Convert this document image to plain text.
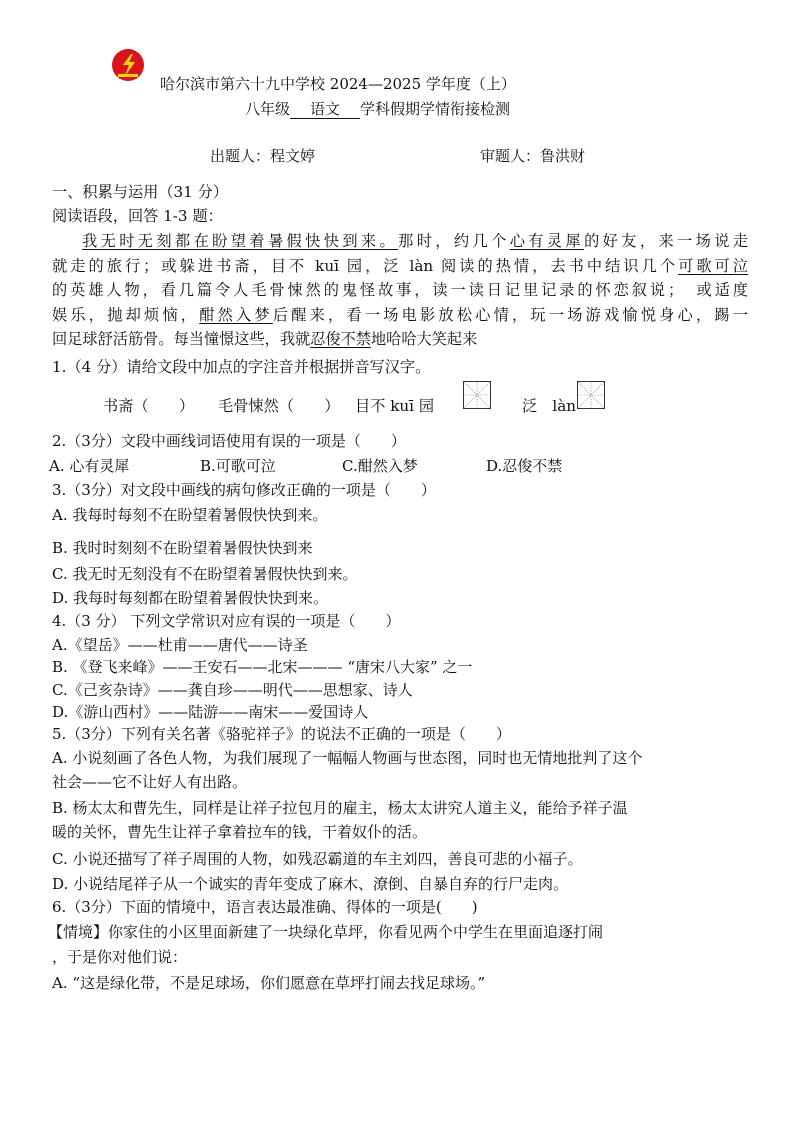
哈尔滨市第六十九中学校 2024—2025 学年度（上）
八年级 语文 学科假期学情衔接检测
出题人：程文婷	审题人：鲁洪财
一、积累与运用（31 分）
阅读语段，回答 1-3 题：

我无时无刻都在盼望着暑假快快到来。那时，约几个心有灵犀的好友，来一场说走

就走的旅行；或躲进书斋，目不 kuī 园，泛 làn 阅读的热情，去书中结识几个可歌可泣

的英雄人物，看几篇令人毛骨悚然的鬼怪故事，读一读日记里记录的怀恋叙说；　或适度

娱乐，抛却烦恼，酣然入梦后醒来，看一场电影放松心情，玩一场游戏愉悦身心，踢一

回足球舒活筋骨。每当憧憬这些，我就忍俊不禁地哈哈大笑起来

1.（4 分）请给文段中加点的字注音并根据拼音写汉字。
书斋（　　） 毛骨悚然（　　） 目不 kuī 园	泛　làn
2.（3分）文段中画线词语使用有误的一项是（　　）
A. 心有灵犀	B.可歌可泣	C.酣然入梦	D.忍俊不禁
3.（3分）对文段中画线的病句修改正确的一项是（　　）
A. 我每时每刻不在盼望着暑假快快到来。
B. 我时时刻刻不在盼望着暑假快快到来
C. 我无时无刻没有不在盼望着暑假快快到来。
D. 我每时每刻都在盼望着暑假快快到来。
4.（3 分） 下列文学常识对应有误的一项是（　　）
A.《望岳》——杜甫——唐代——诗圣
B. 《登飞来峰》——王安石——北宋——— “唐宋八大家” 之一
C.《己亥杂诗》——龚自珍——明代——思想家、诗人
D.《游山西村》——陆游——南宋——爱国诗人
5.（3分）下列有关名著《骆驼祥子》的说法不正确的一项是（　　）
A. 小说刻画了各色人物，为我们展现了一幅幅人物画与世态图，同时也无情地批判了这个
社会——它不让好人有出路。
B. 杨太太和曹先生，同样是让祥子拉包月的雇主，杨太太讲究人道主义，能给予祥子温
暖的关怀，曹先生让祥子拿着拉车的钱，干着奴仆的活。
C. 小说还描写了祥子周围的人物，如残忍霸道的车主刘四，善良可悲的小福子。
D. 小说结尾祥子从一个诚实的青年变成了麻木、潦倒、自暴自弃的行尸走肉。
6.（3分）下面的情境中，语言表达最准确、得体的一项是(　　)
【情境】你家住的小区里面新建了一块绿化草坪，你看见两个中学生在里面追逐打闹
，于是你对他们说：
A. “这是绿化带，不是足球场，你们愿意在草坪打闹去找足球场。”
